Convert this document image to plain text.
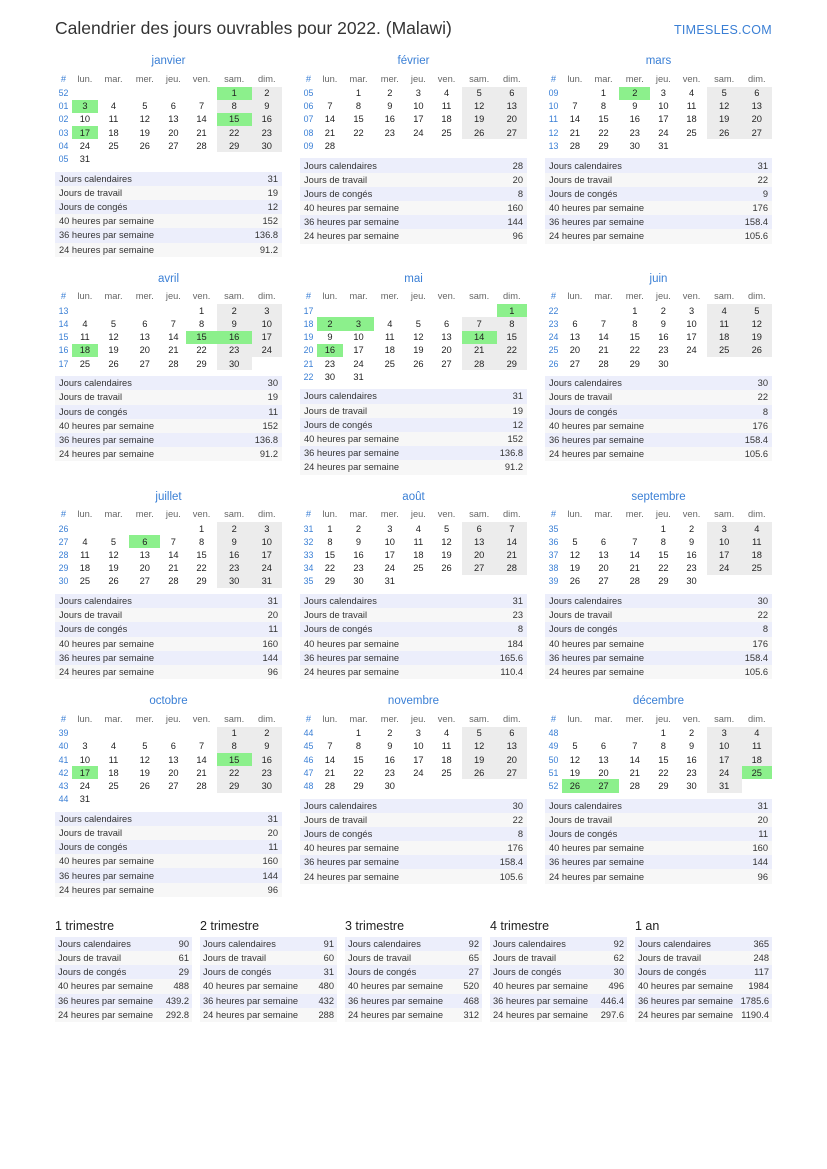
Calendrier des jours ouvrables pour 2022. (Malawi)	TIMESLES.COM
janvier
#	lun.	mar.	mer.	jeu.	ven.	sam.	dim.
52						1	2
01	3	4	5	6	7	8	9
02	10	11	12	13	14	15	16
03	17	18	19	20	21	22	23
04	24	25	26	27	28	29	30
05	31						
Jours calendaires	31
Jours de travail	19
Jours de congés	12
40 heures par semaine	152
36 heures par semaine	136.8
24 heures par semaine	91.2
février
#	lun.	mar.	mer.	jeu.	ven.	sam.	dim.
05		1	2	3	4	5	6
06	7	8	9	10	11	12	13
07	14	15	16	17	18	19	20
08	21	22	23	24	25	26	27
09	28						
Jours calendaires	28
Jours de travail	20
Jours de congés	8
40 heures par semaine	160
36 heures par semaine	144
24 heures par semaine	96
mars
#	lun.	mar.	mer.	jeu.	ven.	sam.	dim.
09		1	2	3	4	5	6
10	7	8	9	10	11	12	13
11	14	15	16	17	18	19	20
12	21	22	23	24	25	26	27
13	28	29	30	31			
Jours calendaires	31
Jours de travail	22
Jours de congés	9
40 heures par semaine	176
36 heures par semaine	158.4
24 heures par semaine	105.6
avril
#	lun.	mar.	mer.	jeu.	ven.	sam.	dim.
13					1	2	3
14	4	5	6	7	8	9	10
15	11	12	13	14	15	16	17
16	18	19	20	21	22	23	24
17	25	26	27	28	29	30	
Jours calendaires	30
Jours de travail	19
Jours de congés	11
40 heures par semaine	152
36 heures par semaine	136.8
24 heures par semaine	91.2
mai
#	lun.	mar.	mer.	jeu.	ven.	sam.	dim.
17							1
18	2	3	4	5	6	7	8
19	9	10	11	12	13	14	15
20	16	17	18	19	20	21	22
21	23	24	25	26	27	28	29
22	30	31					
Jours calendaires	31
Jours de travail	19
Jours de congés	12
40 heures par semaine	152
36 heures par semaine	136.8
24 heures par semaine	91.2
juin
#	lun.	mar.	mer.	jeu.	ven.	sam.	dim.
22			1	2	3	4	5
23	6	7	8	9	10	11	12
24	13	14	15	16	17	18	19
25	20	21	22	23	24	25	26
26	27	28	29	30			
Jours calendaires	30
Jours de travail	22
Jours de congés	8
40 heures par semaine	176
36 heures par semaine	158.4
24 heures par semaine	105.6
juillet
#	lun.	mar.	mer.	jeu.	ven.	sam.	dim.
26					1	2	3
27	4	5	6	7	8	9	10
28	11	12	13	14	15	16	17
29	18	19	20	21	22	23	24
30	25	26	27	28	29	30	31
Jours calendaires	31
Jours de travail	20
Jours de congés	11
40 heures par semaine	160
36 heures par semaine	144
24 heures par semaine	96
août
#	lun.	mar.	mer.	jeu.	ven.	sam.	dim.
31	1	2	3	4	5	6	7
32	8	9	10	11	12	13	14
33	15	16	17	18	19	20	21
34	22	23	24	25	26	27	28
35	29	30	31				
Jours calendaires	31
Jours de travail	23
Jours de congés	8
40 heures par semaine	184
36 heures par semaine	165.6
24 heures par semaine	110.4
septembre
#	lun.	mar.	mer.	jeu.	ven.	sam.	dim.
35				1	2	3	4
36	5	6	7	8	9	10	11
37	12	13	14	15	16	17	18
38	19	20	21	22	23	24	25
39	26	27	28	29	30		
Jours calendaires	30
Jours de travail	22
Jours de congés	8
40 heures par semaine	176
36 heures par semaine	158.4
24 heures par semaine	105.6
octobre
#	lun.	mar.	mer.	jeu.	ven.	sam.	dim.
39						1	2
40	3	4	5	6	7	8	9
41	10	11	12	13	14	15	16
42	17	18	19	20	21	22	23
43	24	25	26	27	28	29	30
44	31						
Jours calendaires	31
Jours de travail	20
Jours de congés	11
40 heures par semaine	160
36 heures par semaine	144
24 heures par semaine	96
novembre
#	lun.	mar.	mer.	jeu.	ven.	sam.	dim.
44		1	2	3	4	5	6
45	7	8	9	10	11	12	13
46	14	15	16	17	18	19	20
47	21	22	23	24	25	26	27
48	28	29	30				
Jours calendaires	30
Jours de travail	22
Jours de congés	8
40 heures par semaine	176
36 heures par semaine	158.4
24 heures par semaine	105.6
décembre
#	lun.	mar.	mer.	jeu.	ven.	sam.	dim.
48				1	2	3	4
49	5	6	7	8	9	10	11
50	12	13	14	15	16	17	18
51	19	20	21	22	23	24	25
52	26	27	28	29	30	31	
Jours calendaires	31
Jours de travail	20
Jours de congés	11
40 heures par semaine	160
36 heures par semaine	144
24 heures par semaine	96
1 trimestre
Jours calendaires	90
Jours de travail	61
Jours de congés	29
40 heures par semaine	488
36 heures par semaine	439.2
24 heures par semaine	292.8
2 trimestre
Jours calendaires	91
Jours de travail	60
Jours de congés	31
40 heures par semaine	480
36 heures par semaine	432
24 heures par semaine	288
3 trimestre
Jours calendaires	92
Jours de travail	65
Jours de congés	27
40 heures par semaine	520
36 heures par semaine	468
24 heures par semaine	312
4 trimestre
Jours calendaires	92
Jours de travail	62
Jours de congés	30
40 heures par semaine	496
36 heures par semaine	446.4
24 heures par semaine	297.6
1 an
Jours calendaires	365
Jours de travail	248
Jours de congés	117
40 heures par semaine	1984
36 heures par semaine	1785.6
24 heures par semaine	1190.4
